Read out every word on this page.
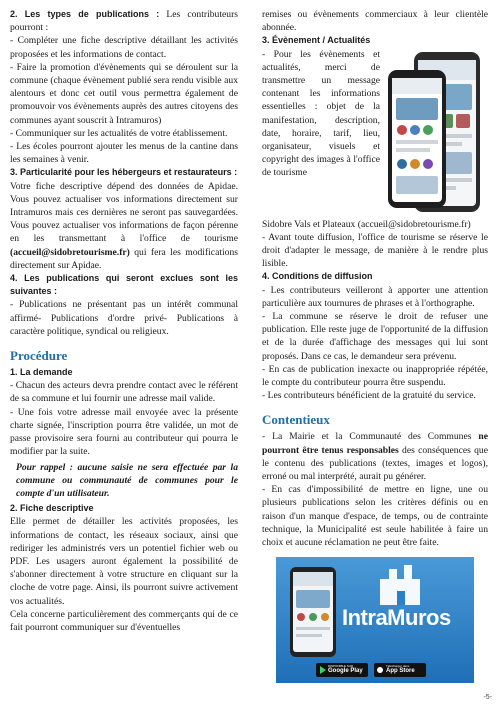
2. Les types de publications : Les contributeurs pourront :

- Compléter une fiche descriptive détaillant les activités proposées et les informations de contact.

- Faire la promotion d'évènements qui se déroulent sur la commune (chaque évènement publié sera rendu visible aux alentours et donc cet outil vous permettra également de promouvoir vos évènements auprès des autres citoyens des communes ayant souscrit à Intramuros)

- Communiquer sur les actualités de votre établissement.

- Les écoles pourront ajouter les menus de la cantine dans les semaines à venir.

3. Particularité pour les hébergeurs et restaurateurs :

Votre fiche descriptive dépend des données de Apidae. Vous pouvez actualiser vos informations directement sur Intramuros mais ces dernières ne seront pas sauvegardées. Vous pouvez actualiser vos informations de façon pérenne en les transmettant à l'office de tourisme (accueil@sidobretourisme.fr) qui fera les modifications directement sur Apidae.

4. Les publications qui seront exclues sont les suivantes :

- Publications ne présentant pas un intérêt communal affirmé- Publications d'ordre privé- Publications à caractère politique, syndical ou religieux.

Procédure

1. La demande

- Chacun des acteurs devra prendre contact avec le référent de sa commune et lui fournir une adresse mail valide.

- Une fois votre adresse mail envoyée avec la présente charte signée, l'inscription pourra être validée, un mot de passe provisoire sera fourni au contributeur qui pourra le modifier par la suite.

Pour rappel : aucune saisie ne sera effectuée par la commune ou communauté de communes pour le compte d'un utilisateur.

2. Fiche descriptive

Elle permet de détailler les activités proposées, les informations de contact, les réseaux sociaux, ainsi que rediriger les administrés vers un potentiel fichier web ou PDF. Les usagers auront également la possibilité de s'abonner directement à votre structure en cliquant sur la cloche de votre page. Ainsi, ils pourront suivre activement vos actualités.

Cela concerne particulièrement des commerçants qui de ce fait pourront communiquer sur d'éventuelles

remises ou évènements commerciaux à leur clientèle abonnée.

3. Évènement / Actualités

- Pour les évènements et actualités, merci de transmettre un message contenant les informations essentielles : objet de la manifestation, description, date, horaire, tarif, lieu, organisateur, visuels et copyright des images à l'office de tourisme

Sidobre Vals et Plateaux (accueil@sidobretourisme.fr)

- Avant toute diffusion, l'office de tourisme se réserve le droit d'adapter le message, de manière à le rendre plus lisible.

4. Conditions de diffusion

- Les contributeurs veilleront à apporter une attention particulière aux tournures de phrases et à l'orthographe.

- La commune se réserve le droit de refuser une publication. Elle reste juge de l'opportunité de la diffusion et de la durée d'affichage des messages qui lui sont proposés. Dans ce cas, le demandeur sera prévenu.

- En cas de publication inexacte ou inappropriée répétée, le compte du contributeur pourra être suspendu.

- Les contributeurs bénéficient de la gratuité du service.

Contentieux

- La Mairie et la Communauté des Communes ne pourront être tenus responsables des conséquences que le contenu des publications (textes, images et logos), erroné ou mal interprété, aurait pu générer.

- En cas d'impossibilité de mettre en ligne, une ou plusieurs publications selon les critères définis ou en raison d'un manque d'espace, de temps, ou de contrainte technique, la Municipalité est seule habilitée à faire un choix et aucune réclamation ne peut être faite.

IntraMuros
DISPONIBLE SUR
Google Play
Télécharger dans
App Store
Téléchargement gratuit
-5-
